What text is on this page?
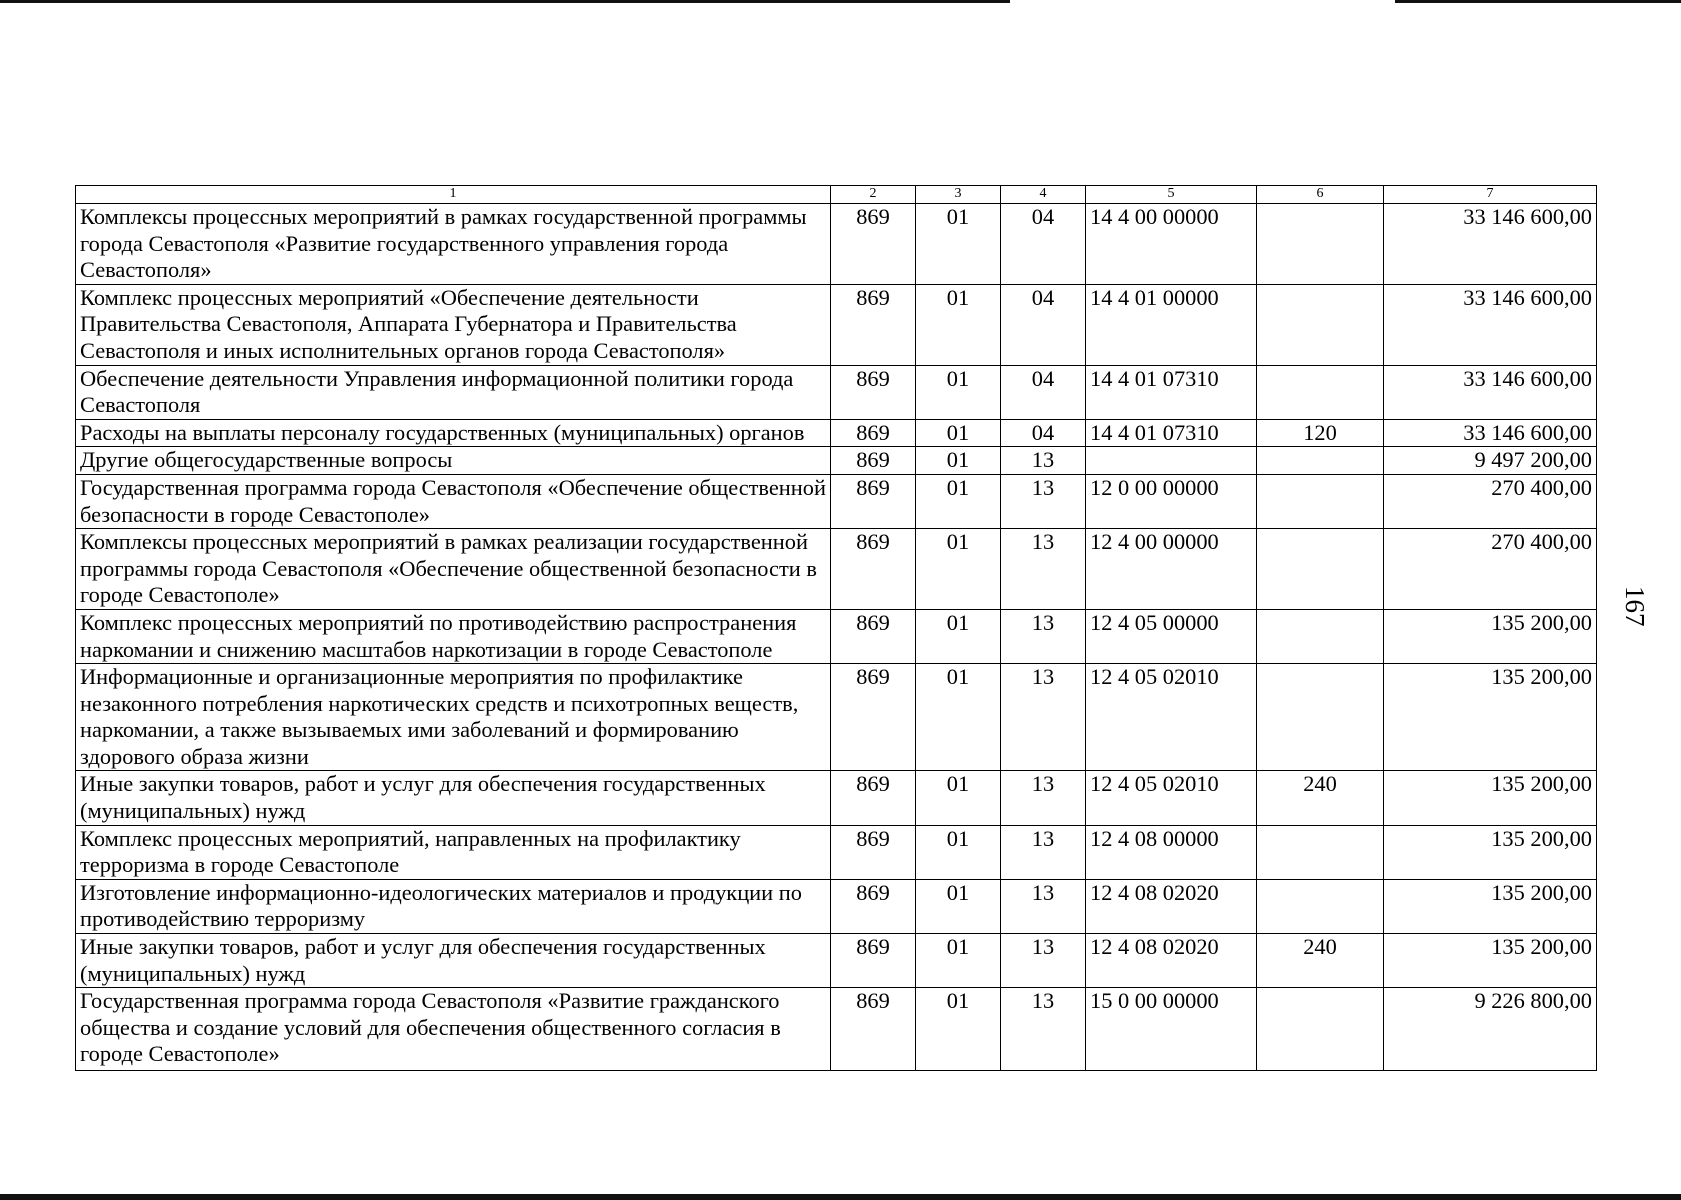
167
1	2	3	4	5	6	7
Комплексы процессных мероприятий в рамках государственной программы города Севастополя «Развитие государственного управления города Севастополя»	869	01	04	14 4 00 00000		33 146 600,00
Комплекс процессных мероприятий «Обеспечение деятельности Правительства Севастополя, Аппарата Губернатора и Правительства Севастополя и иных исполнительных органов города Севастополя»	869	01	04	14 4 01 00000		33 146 600,00
Обеспечение деятельности Управления информационной политики города Севастополя	869	01	04	14 4 01 07310		33 146 600,00
Расходы на выплаты персоналу государственных (муниципальных) органов	869	01	04	14 4 01 07310	120	33 146 600,00
Другие общегосударственные вопросы	869	01	13			9 497 200,00
Государственная программа города Севастополя «Обеспечение общественной безопасности в городе Севастополе»	869	01	13	12 0 00 00000		270 400,00
Комплексы процессных мероприятий в рамках реализации государственной программы города Севастополя «Обеспечение общественной безопасности в городе Севастополе»	869	01	13	12 4 00 00000		270 400,00
Комплекс процессных мероприятий по противодействию распространения наркомании и снижению масштабов наркотизации в городе Севастополе	869	01	13	12 4 05 00000		135 200,00
Информационные и организационные мероприятия по профилактике незаконного потребления наркотических средств и психотропных веществ, наркомании, а также вызываемых ими заболеваний и формированию здорового образа жизни	869	01	13	12 4 05 02010		135 200,00
Иные закупки товаров, работ и услуг для обеспечения государственных (муниципальных) нужд	869	01	13	12 4 05 02010	240	135 200,00
Комплекс процессных мероприятий, направленных на профилактику терроризма в городе Севастополе	869	01	13	12 4 08 00000		135 200,00
Изготовление информационно-идеологических материалов и продукции по противодействию терроризму	869	01	13	12 4 08 02020		135 200,00
Иные закупки товаров, работ и услуг для обеспечения государственных (муниципальных) нужд	869	01	13	12 4 08 02020	240	135 200,00
Государственная программа города Севастополя «Развитие гражданского общества и создание условий для обеспечения общественного согласия в городе Севастополе»	869	01	13	15 0 00 00000		9 226 800,00
